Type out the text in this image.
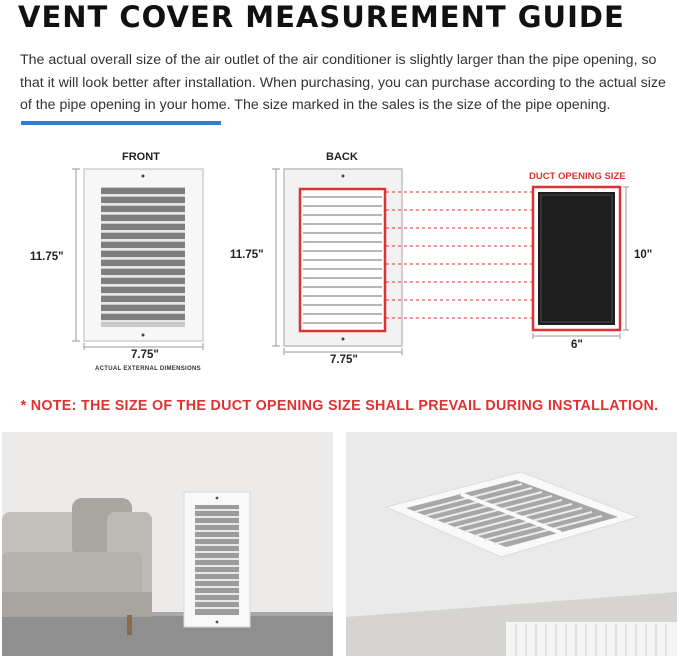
VENT COVER MEASUREMENT GUIDE
The actual overall size of the air outlet of the air conditioner is slightly larger than the pipe opening, so that it will look better after installation. When purchasing, you can purchase according to the actual size of the pipe opening in your home. The size marked in the sales is the size of the pipe opening.
FRONT
11.75"
7.75"
ACTUAL EXTERNAL DIMENSIONS
BACK
11.75"
7.75"
DUCT OPENING SIZE
10"
6"
* NOTE: THE SIZE OF THE DUCT OPENING SIZE SHALL PREVAIL DURING INSTALLATION.
